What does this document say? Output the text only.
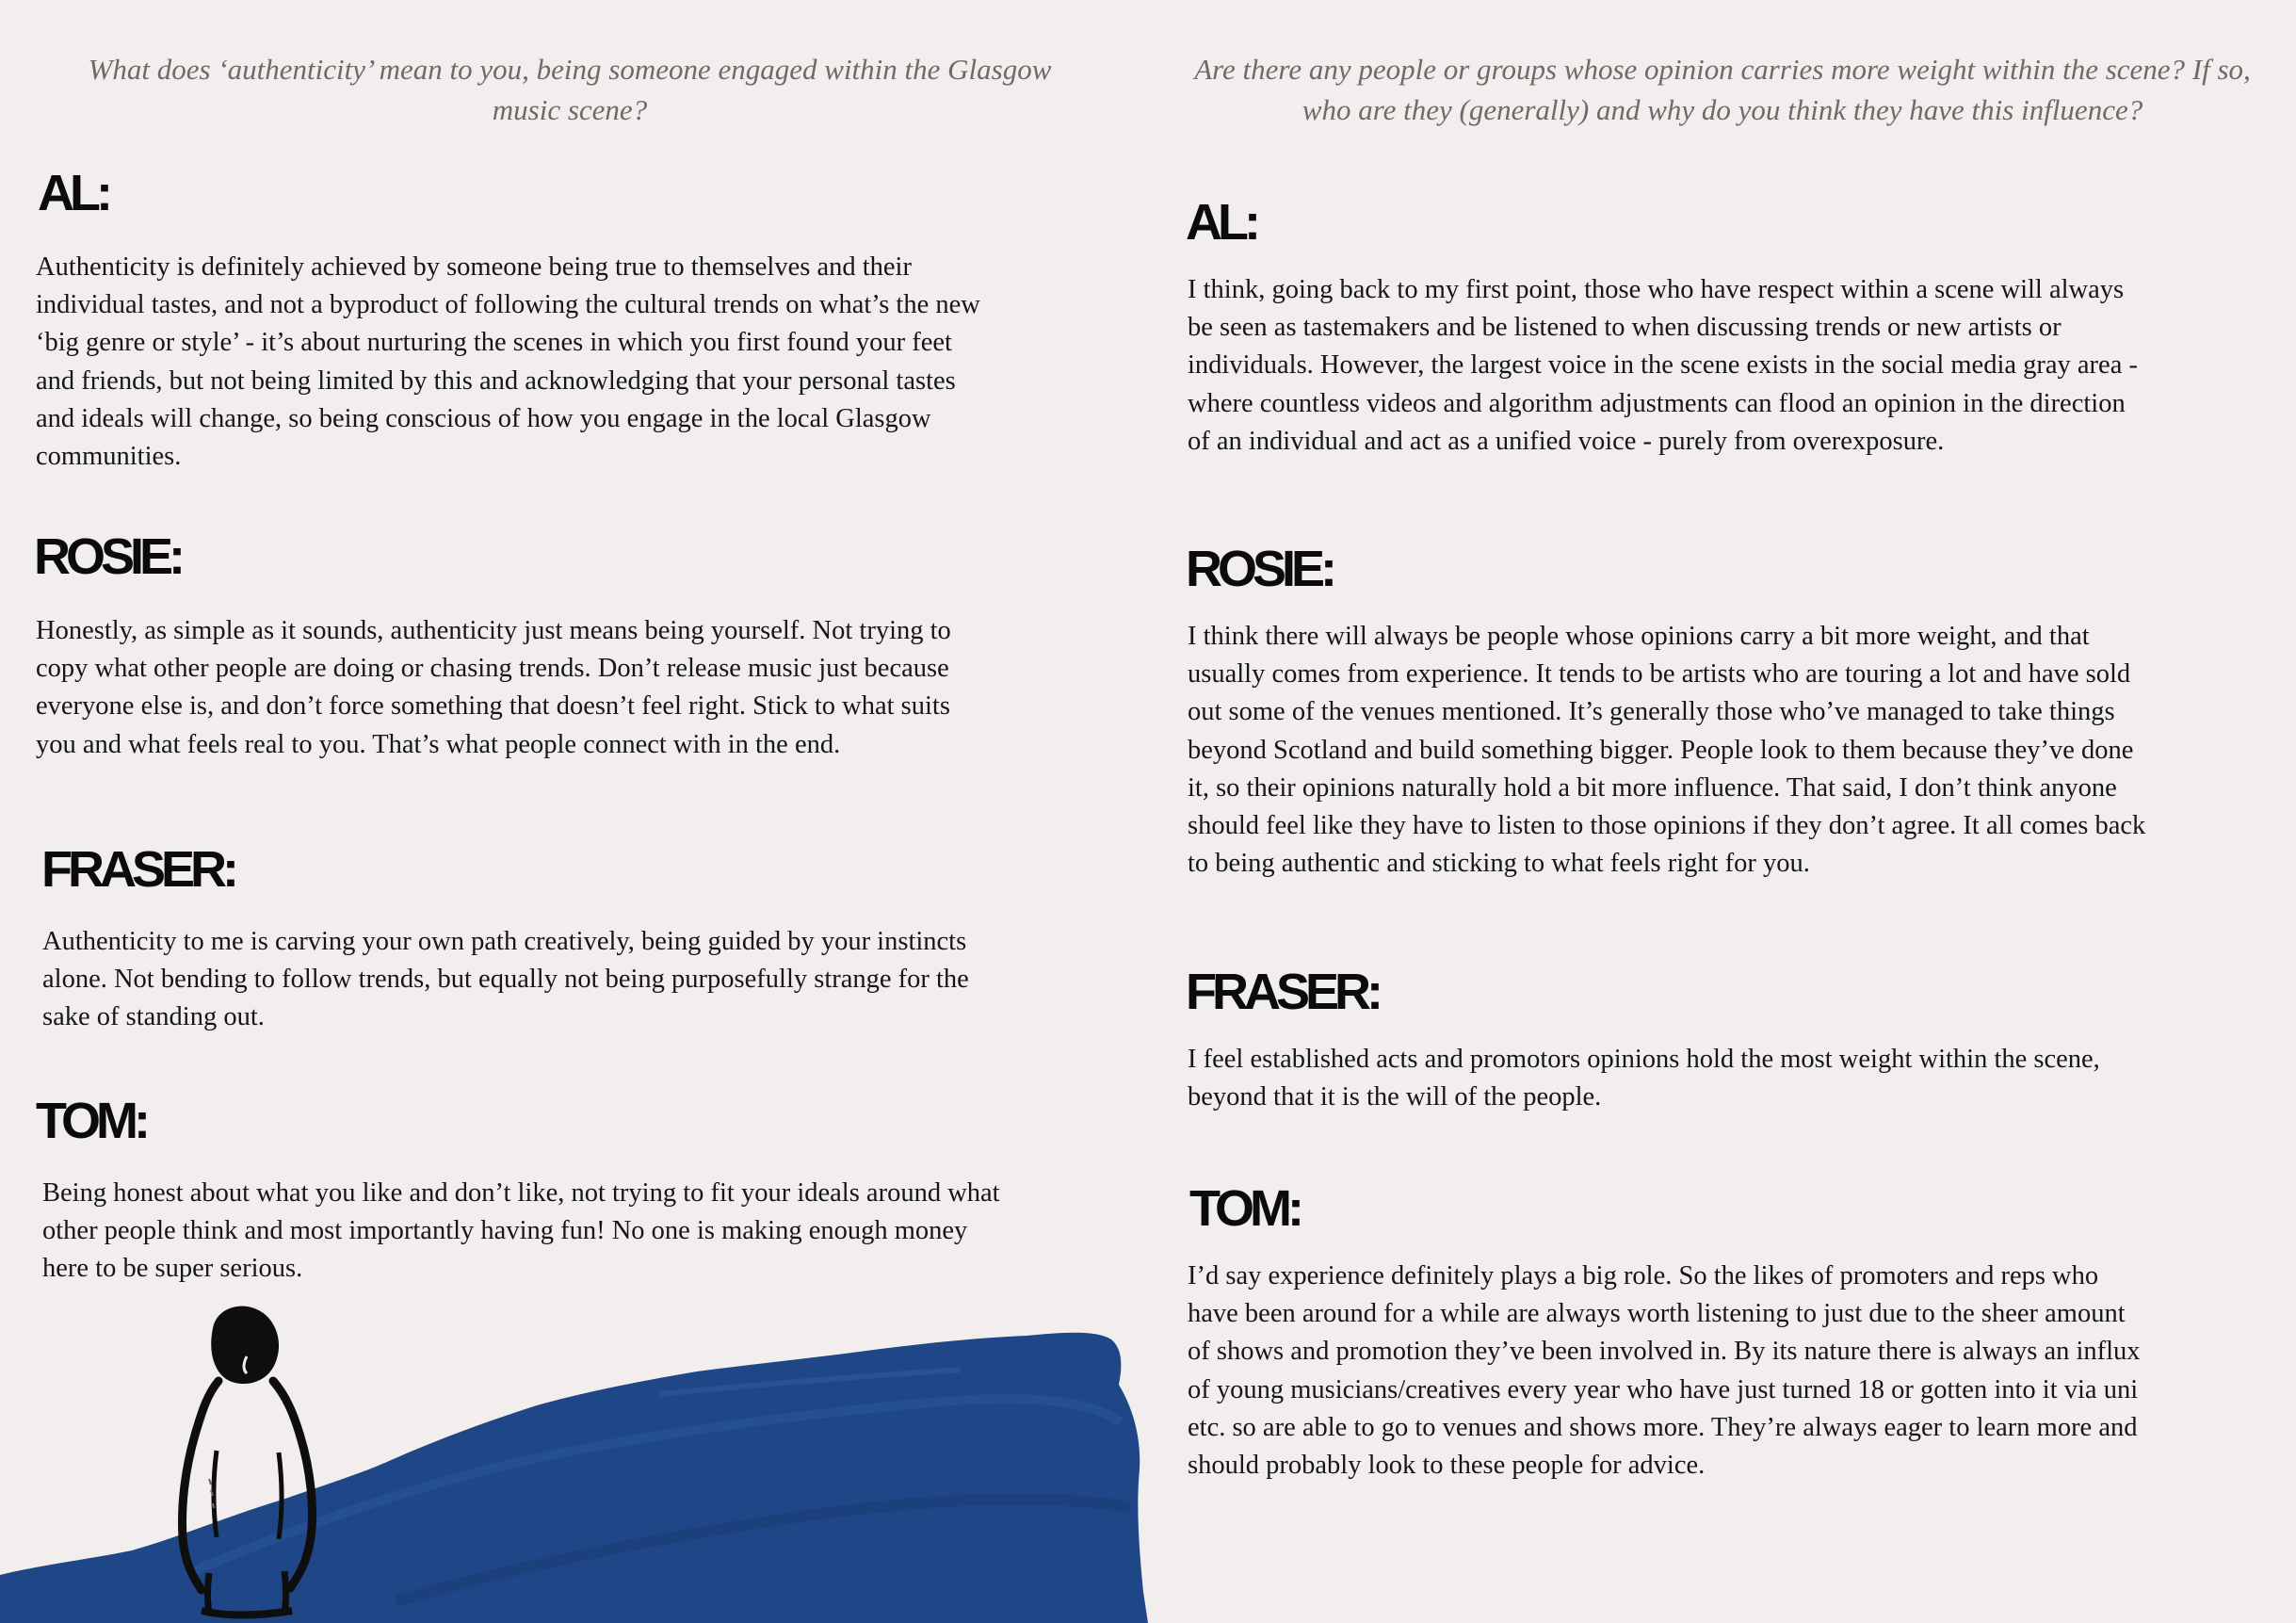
What does ‘authenticity’ mean to you, being someone engaged within the Glasgow music scene?

AL:

Authenticity is definitely achieved by someone being true to themselves and their individual tastes, and not a byproduct of following the cultural trends on what’s the new ‘big genre or style’ - it’s about nurturing the scenes in which you first found your feet and friends, but not being limited by this and acknowledging that your personal tastes and ideals will change, so being conscious of how you engage in the local Glasgow communities.

ROSIE:

Honestly, as simple as it sounds, authenticity just means being yourself. Not trying to copy what other people are doing or chasing trends. Don’t release music just because everyone else is, and don’t force something that doesn’t feel right. Stick to what suits you and what feels real to you. That’s what people connect with in the end.

FRASER:

Authenticity to me is carving your own path creatively, being guided by your instincts alone. Not bending to follow trends, but equally not being purposefully strange for the sake of standing out.

TOM:

Being honest about what you like and don’t like, not trying to fit your ideals around what other people think and most importantly having fun! No one is making enough money here to be super serious.

Are there any people or groups whose opinion carries more weight within the scene? If so, who are they (generally) and why do you think they have this influence?

AL:

I think, going back to my first point, those who have respect within a scene will always be seen as tastemakers and be listened to when discussing trends or new artists or individuals. However, the largest voice in the scene exists in the social media gray area - where countless videos and algorithm adjustments can flood an opinion in the direction of an individual and act as a unified voice - purely from overexposure.

ROSIE:

I think there will always be people whose opinions carry a bit more weight, and that usually comes from experience. It tends to be artists who are touring a lot and have sold out some of the venues mentioned. It’s generally those who’ve managed to take things beyond Scotland and build something bigger. People look to them because they’ve done it, so their opinions naturally hold a bit more influence. That said, I don’t think anyone should feel like they have to listen to those opinions if they don’t agree. It all comes back to being authentic and sticking to what feels right for you.

FRASER:

I feel established acts and promotors opinions hold the most weight within the scene, beyond that it is the will of the people.

TOM:

I’d say experience definitely plays a big role. So the likes of promoters and reps who have been around for a while are always worth listening to just due to the sheer amount of shows and promotion they’ve been involved in. By its nature there is always an influx of young musicians/creatives every year who have just turned 18 or gotten into it via uni etc. so are able to go to venues and shows more. They’re always eager to learn more and should probably look to these people for advice.
